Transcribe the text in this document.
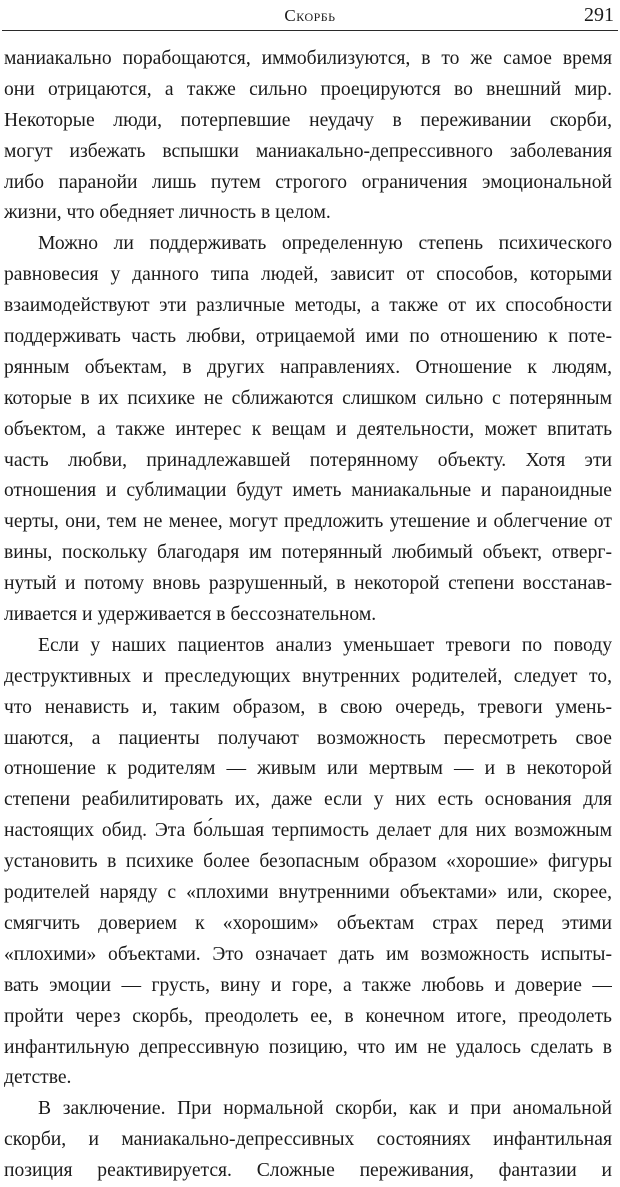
Скорбь	291
маниакально порабощаются, иммобилизуются, в то же самое время
они отрицаются, а также сильно проецируются во внешний мир.
Некоторые люди, потерпевшие неудачу в переживании скорби,
могут избежать вспышки маниакально-депрессивного заболевания
либо паранойи лишь путем строгого ограничения эмоциональной
жизни, что обедняет личность в целом.
Можно ли поддерживать определенную степень психического
равновесия у данного типа людей, зависит от способов, которыми
взаимодействуют эти различные методы, а также от их способности
поддерживать часть любви, отрицаемой ими по отношению к поте-
рянным объектам, в других направлениях. Отношение к людям,
которые в их психике не сближаются слишком сильно с потерянным
объектом, а также интерес к вещам и деятельности, может впитать
часть любви, принадлежавшей потерянному объекту. Хотя эти
отношения и сублимации будут иметь маниакальные и параноидные
черты, они, тем не менее, могут предложить утешение и облегчение от
вины, поскольку благодаря им потерянный любимый объект, отверг-
нутый и потому вновь разрушенный, в некоторой степени восстанав-
ливается и удерживается в бессознательном.
Если у наших пациентов анализ уменьшает тревоги по поводу
деструктивных и преследующих внутренних родителей, следует то,
что ненависть и, таким образом, в свою очередь, тревоги умень-
шаются, а пациенты получают возможность пересмотреть свое
отношение к родителям — живым или мертвым — и в некоторой
степени реабилитировать их, даже если у них есть основания для
настоящих обид. Эта бо́льшая терпимость делает для них возможным
установить в психике более безопасным образом «хорошие» фигуры
родителей наряду с «плохими внутренними объектами» или, скорее,
смягчить доверием к «хорошим» объектам страх перед этими
«плохими» объектами. Это означает дать им возможность испыты-
вать эмоции — грусть, вину и горе, а также любовь и доверие —
пройти через скорбь, преодолеть ее, в конечном итоге, преодолеть
инфантильную депрессивную позицию, что им не удалось сделать в
детстве.
В заключение. При нормальной скорби, как и при аномальной
скорби, и маниакально-депрессивных состояниях инфантильная
позиция реактивируется. Сложные переживания, фантазии и
